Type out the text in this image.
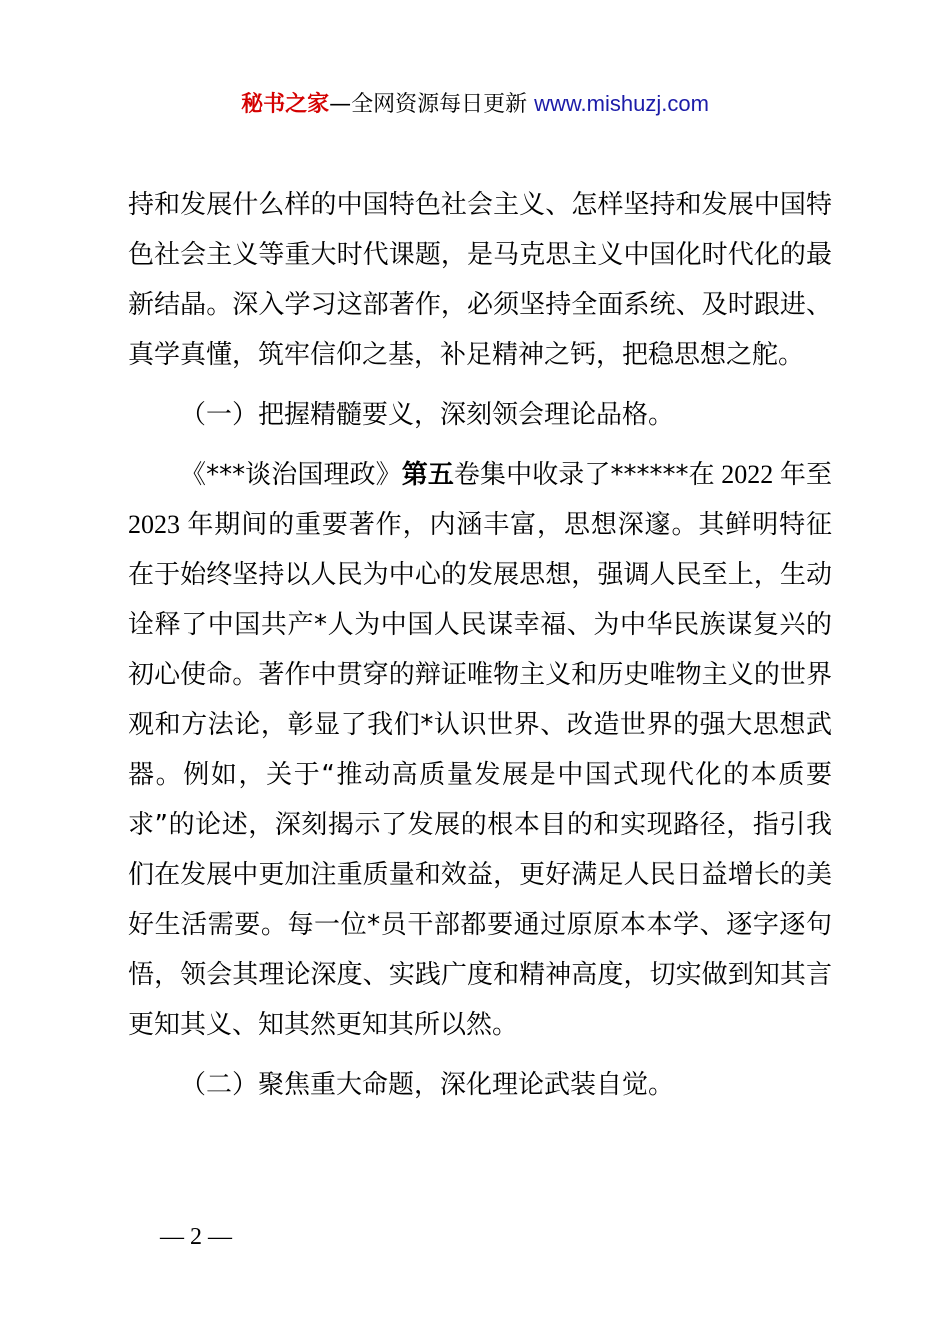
秘书之家—全网资源每日更新 www.mishuzj.com

持和发展什么样的中国特色社会主义、怎样坚持和发展中国特色社会主义等重大时代课题，是马克思主义中国化时代化的最新结晶。深入学习这部著作，必须坚持全面系统、及时跟进、真学真懂，筑牢信仰之基，补足精神之钙，把稳思想之舵。

（一）把握精髓要义，深刻领会理论品格。

《***谈治国理政》第五卷集中收录了******在 2022 年至2023 年期间的重要著作，内涵丰富，思想深邃。其鲜明特征在于始终坚持以人民为中心的发展思想，强调人民至上，生动诠释了中国共产*人为中国人民谋幸福、为中华民族谋复兴的初心使命。著作中贯穿的辩证唯物主义和历史唯物主义的世界观和方法论，彰显了我们*认识世界、改造世界的强大思想武器。例如，关于“推动高质量发展是中国式现代化的本质要求”的论述，深刻揭示了发展的根本目的和实现路径，指引我们在发展中更加注重质量和效益，更好满足人民日益增长的美好生活需要。每一位*员干部都要通过原原本本学、逐字逐句悟，领会其理论深度、实践广度和精神高度，切实做到知其言更知其义、知其然更知其所以然。

（二）聚焦重大命题，深化理论武装自觉。

— 2 —
